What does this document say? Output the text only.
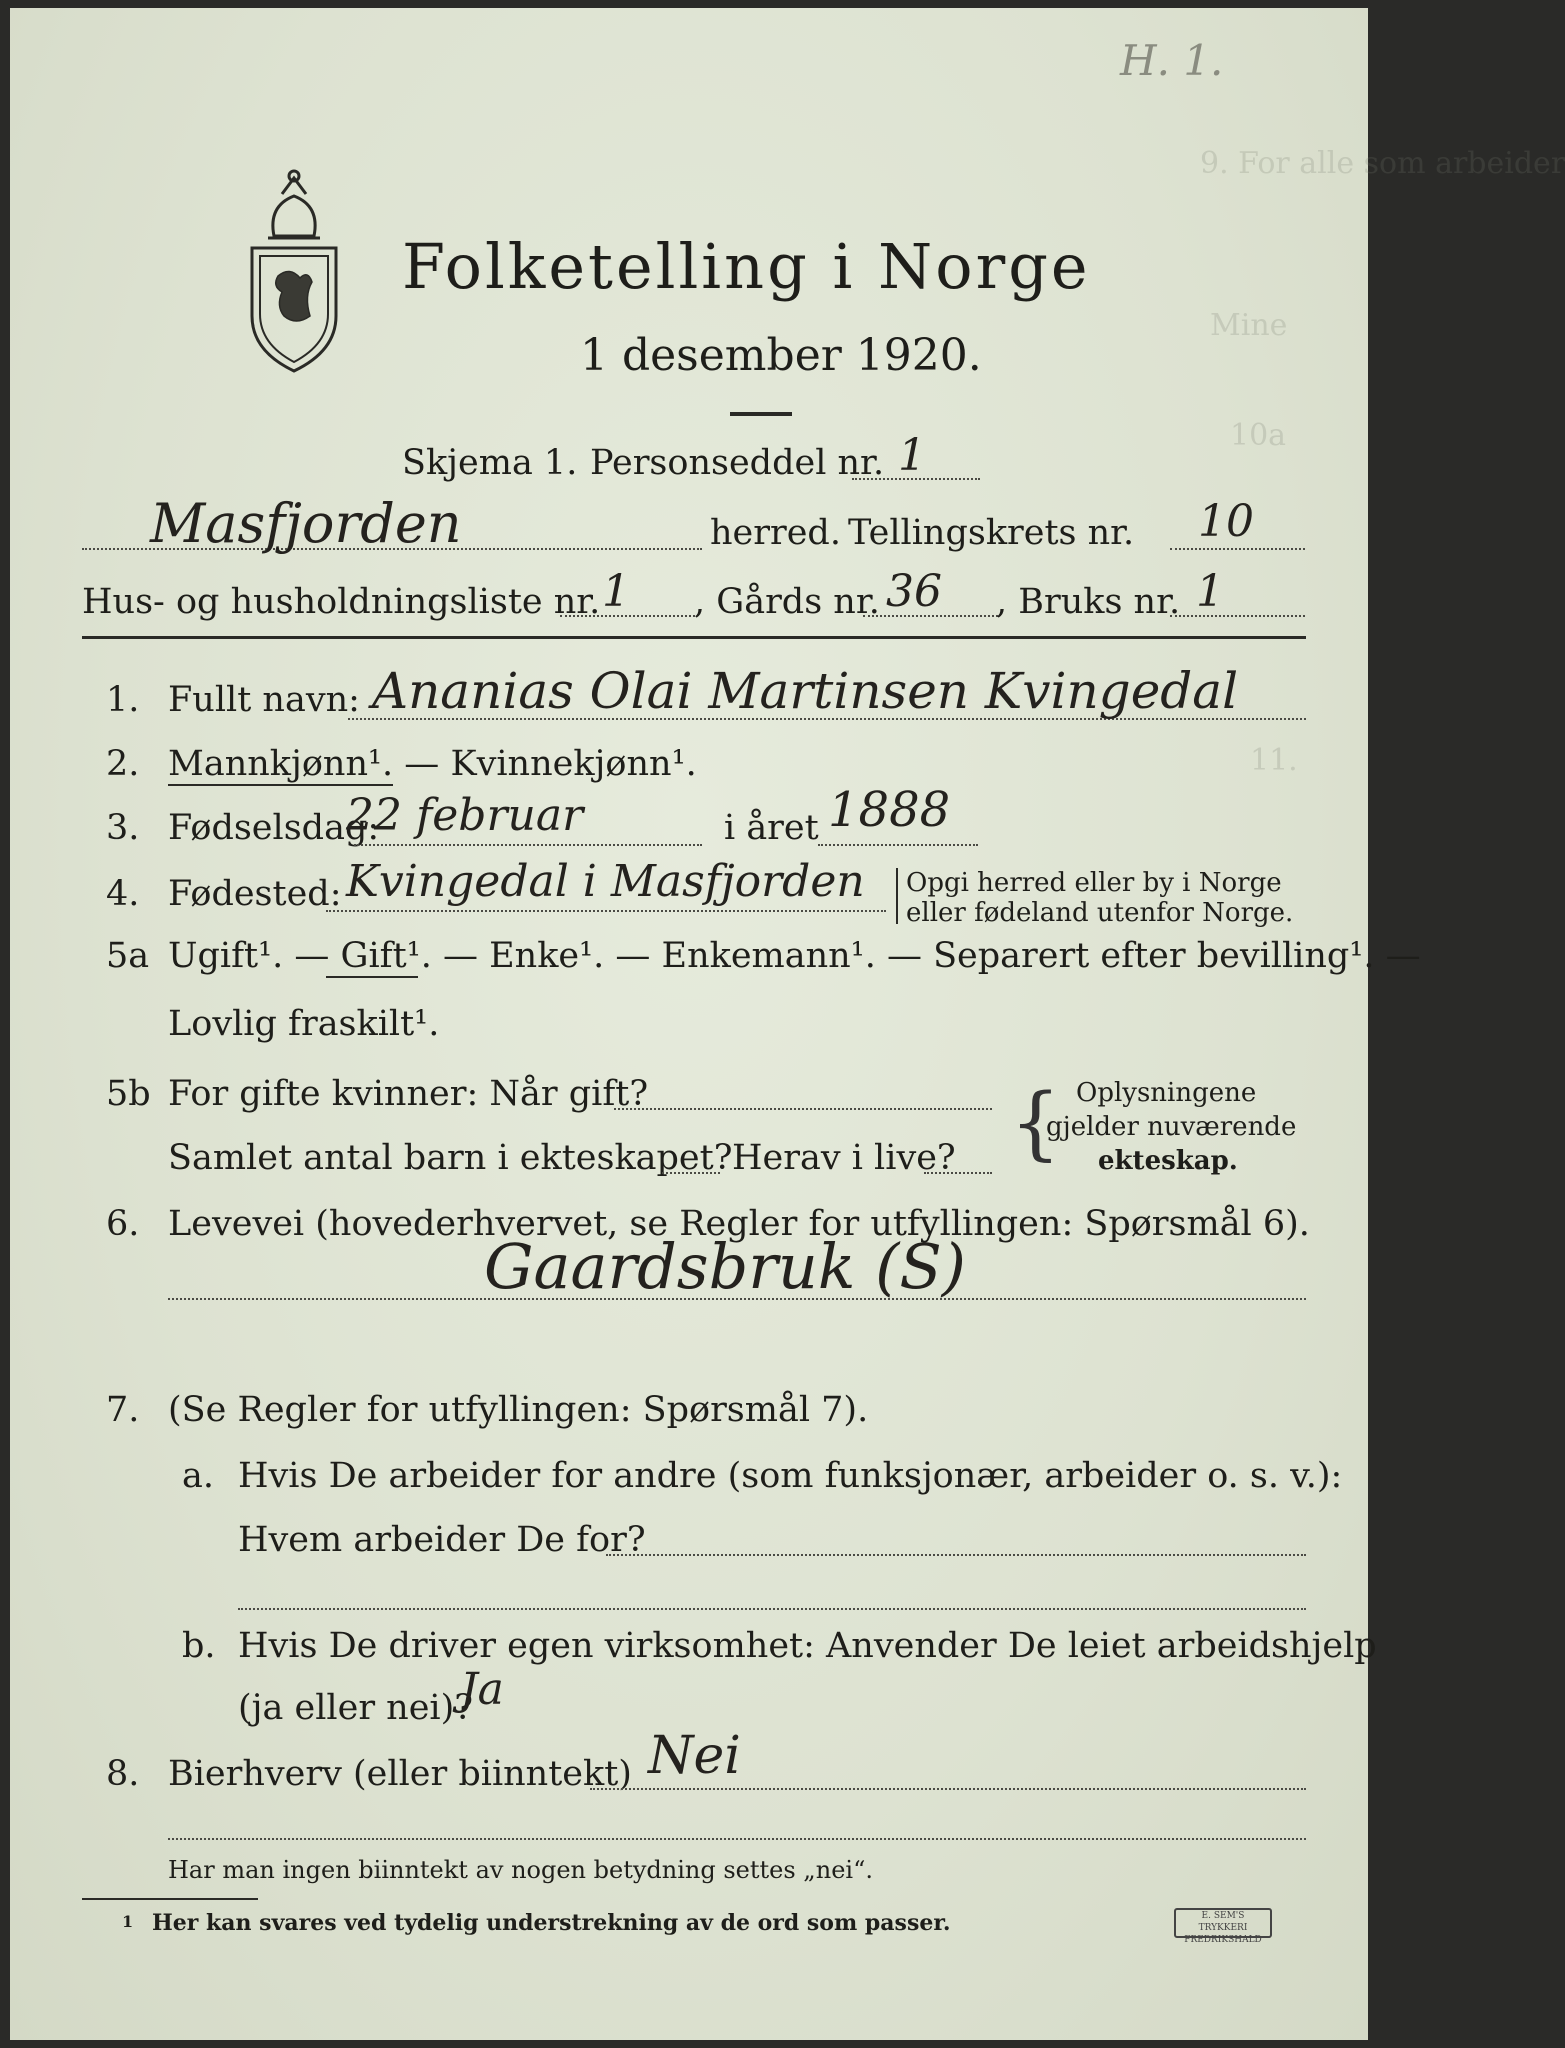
9. For alle som arbeider
Mine
10a
11.
H. 1.
Folketelling i Norge
1 desember 1920.
Skjema 1. Personseddel nr. 1
Masfjorden	herred. Tellingskrets nr. 10
Hus- og husholdningsliste nr. 1 , Gårds nr. 36 , Bruks nr. 1
1. Fullt navn: Ananias Olai Martinsen Kvingedal
2. Mannkjønn¹. — Kvinnekjønn¹.
3. Fødselsdag:
22 februar	i året 1888
4. Fødested: Kvingedal i Masfjorden Opgi herred eller by i Norge
eller fødeland utenfor Norge.
5a Ugift¹. — Gift¹. — Enke¹. — Enkemann¹. — Separert efter bevilling¹. —
Lovlig fraskilt¹.
5b For gifte kvinner: Når gift?
Samlet antal barn i ekteskapet? Herav i live? { Oplysningene
gjelder nuværende
ekteskap.
6. Levevei (hovederhvervet, se Regler for utfyllingen: Spørsmål 6).
Gaardsbruk (S)
7. (Se Regler for utfyllingen: Spørsmål 7).
a. Hvis De arbeider for andre (som funksjonær, arbeider o. s. v.):
Hvem arbeider De for?
b. Hvis De driver egen virksomhet: Anvender De leiet arbeidshjelp
(ja eller nei)?
Ja
8. Bierhverv (eller biinntekt) Nei
Har man ingen biinntekt av nogen betydning settes „nei“.
1 Her kan svares ved tydelig understrekning av de ord som passer.	E. SEM'S TRYKKERI FREDRIKSHALD
